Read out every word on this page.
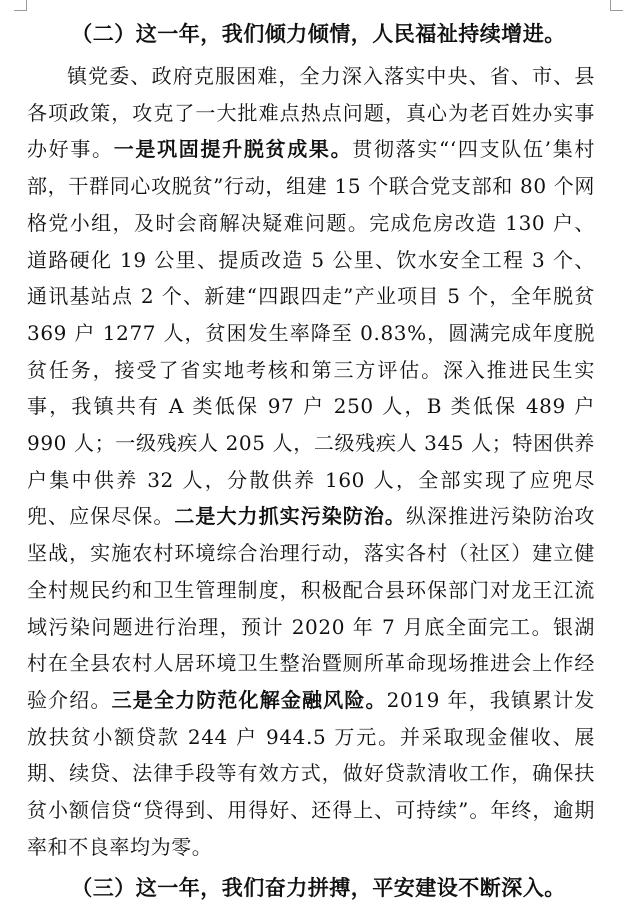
（二）这一年，我们倾力倾情，人民福祉持续增进。

镇党委、政府克服困难，全力深入落实中央、省、市、县各项政策，攻克了一大批难点热点问题，真心为老百姓办实事办好事。一是巩固提升脱贫成果。贯彻落实“‘四支队伍’集村部，干群同心攻脱贫”行动，组建 15 个联合党支部和 80 个网格党小组，及时会商解决疑难问题。完成危房改造 130 户、道路硬化 19 公里、提质改造 5 公里、饮水安全工程 3 个、通讯基站点 2 个、新建“四跟四走”产业项目 5 个，全年脱贫 369 户 1277 人，贫困发生率降至 0.83%，圆满完成年度脱贫任务，接受了省实地考核和第三方评估。深入推进民生实事，我镇共有 A 类低保 97 户 250 人，B 类低保 489 户 990 人；一级残疾人 205 人，二级残疾人 345 人；特困供养户集中供养 32 人，分散供养 160 人，全部实现了应兜尽兜、应保尽保。二是大力抓实污染防治。纵深推进污染防治攻坚战，实施农村环境综合治理行动，落实各村（社区）建立健全村规民约和卫生管理制度，积极配合县环保部门对龙王江流域污染问题进行治理，预计 2020 年 7 月底全面完工。银湖村在全县农村人居环境卫生整治暨厕所革命现场推进会上作经验介绍。三是全力防范化解金融风险。2019 年，我镇累计发放扶贫小额贷款 244 户 944.5 万元。并采取现金催收、展期、续贷、法律手段等有效方式，做好贷款清收工作，确保扶贫小额信贷“贷得到、用得好、还得上、可持续”。年终，逾期率和不良率均为零。

（三）这一年，我们奋力拼搏，平安建设不断深入。
